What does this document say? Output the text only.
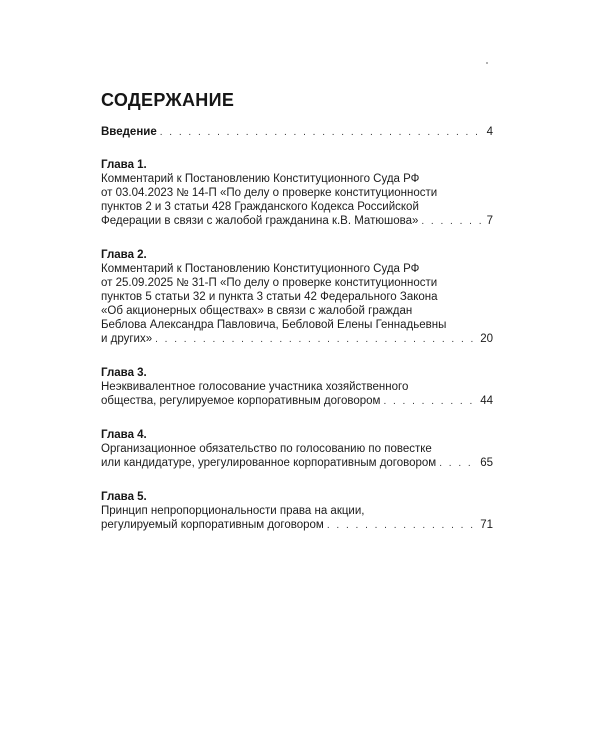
СОДЕРЖАНИЕ
Введение . . .	4

Глава 1.

Комментарий к Постановлению Конституционного Суда РФ
от 03.04.2023 № 14-П «По делу о проверке конституционности
пунктов 2 и 3 статьи 428 Гражданского Кодекса Российской
Федерации в связи с жалобой гражданина к.В. Матюшова» . . .	7

Глава 2.

Комментарий к Постановлению Конституционного Суда РФ
от 25.09.2025 № 31-П «По делу о проверке конституционности
пунктов 5 статьи 32 и пункта 3 статьи 42 Федерального Закона
«Об акционерных обществах» в связи с жалобой граждан
Беблова Александра Павловича, Бебловой Елены Геннадьевны
и других» . . .	20

Глава 3.

Неэквивалентное голосование участника хозяйственного
общества, регулируемое корпоративным договором . . .	44

Глава 4.

Организационное обязательство по голосованию по повестке
или кандидатуре, урегулированное корпоративным договором . . .	65

Глава 5.

Принцип непропорциональности права на акции,
регулируемый корпоративным договором . . .	71
